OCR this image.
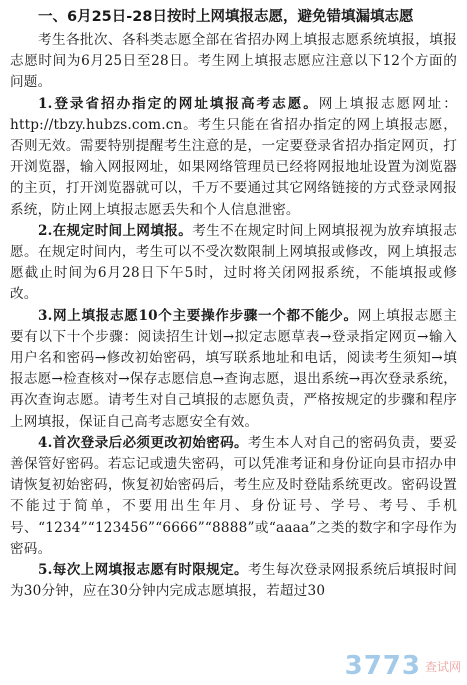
一、6月25日-28日按时上网填报志愿，避免错填漏填志愿

考生各批次、各科类志愿全部在省招办网上填报志愿系统填报，填报志愿时间为6月25日至28日。考生网上填报志愿应注意以下12个方面的问题。

1.登录省招办指定的网址填报高考志愿。网上填报志愿网址：http://tbzy.hubzs.com.cn。考生只能在省招办指定的网上填报志愿，否则无效。需要特别提醒考生注意的是，一定要登录省招办指定网页，打开浏览器，输入网报网址，如果网络管理员已经将网报地址设置为浏览器的主页，打开浏览器就可以，千万不要通过其它网络链接的方式登录网报系统，防止网上填报志愿丢失和个人信息泄密。

2.在规定时间上网填报。考生不在规定时间上网填报视为放弃填报志愿。在规定时间内，考生可以不受次数限制上网填报或修改，网上填报志愿截止时间为6月28日下午5时，过时将关闭网报系统，不能填报或修改。

3.网上填报志愿10个主要操作步骤一个都不能少。网上填报志愿主要有以下十个步骤：阅读招生计划→拟定志愿草表→登录指定网页→输入用户名和密码→修改初始密码，填写联系地址和电话，阅读考生须知→填报志愿→检查核对→保存志愿信息→查询志愿，退出系统→再次登录系统，再次查询志愿。请考生对自己填报的志愿负责，严格按规定的步骤和程序上网填报，保证自己高考志愿安全有效。

4.首次登录后必须更改初始密码。考生本人对自己的密码负责，要妥善保管好密码。若忘记或遗失密码，可以凭准考证和身份证向县市招办申请恢复初始密码，恢复初始密码后，考生应及时登陆系统更改。密码设置不能过于简单，不要用出生年月、身份证号、学号、考号、手机号、“1234”“123456”“6666”“8888”或“aaaa”之类的数字和字母作为密码。

5.每次上网填报志愿有时限规定。考生每次登录网报系统后填报时间为30分钟，应在30分钟内完成志愿填报，若超过30

3773 查试网
